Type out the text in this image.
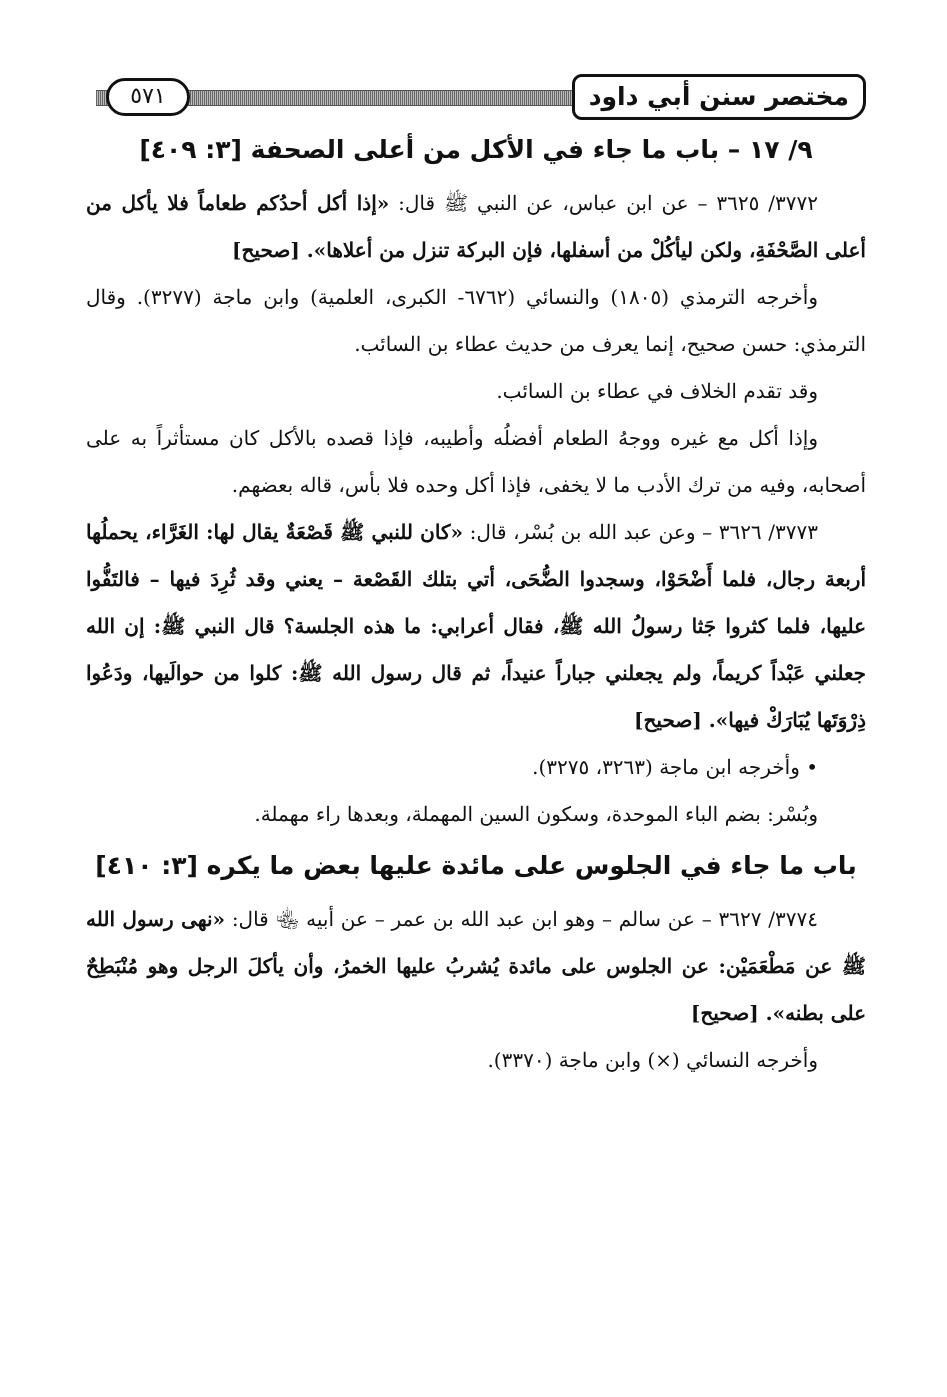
مختصر سنن أبي داود
٥٧١
٩/ ١٧ – باب ما جاء في الأكل من أعلى الصحفة [٣: ٤٠٩]

٣٧٧٢/ ٣٦٢٥ – عن ابن عباس، عن النبي ﷺ قال: «إذا أكل أحدُكم طعاماً فلا يأكل من أعلى الصَّحْفَةِ، ولكن ليأكُلْ من أسفلها، فإن البركة تنزل من أعلاها». [صحيح]

وأخرجه الترمذي (١٨٠٥) والنسائي (٦٧٦٢- الكبرى، العلمية) وابن ماجة (٣٢٧٧). وقال الترمذي: حسن صحيح، إنما يعرف من حديث عطاء بن السائب.

وقد تقدم الخلاف في عطاء بن السائب.

وإذا أكل مع غيره ووجهُ الطعام أفضلُه وأطيبه، فإذا قصده بالأكل كان مستأثراً به على أصحابه، وفيه من ترك الأدب ما لا يخفى، فإذا أكل وحده فلا بأس، قاله بعضهم.

٣٧٧٣/ ٣٦٢٦ – وعن عبد الله بن بُسْر، قال: «كان للنبي ﷺ قَصْعَةٌ يقال لها: الغَرَّاء، يحملُها أربعة رجال، فلما أَضْحَوْا، وسجدوا الضُّحَى، أتي بتلك القَصْعة – يعني وقد ثُرِدَ فيها – فالتَفُّوا عليها، فلما كثروا جَثا رسولُ الله ﷺ، فقال أعرابي: ما هذه الجلسة؟ قال النبي ﷺ: إن الله جعلني عَبْداً كريماً، ولم يجعلني جباراً عنيداً، ثم قال رسول الله ﷺ: كلوا من حوالَيها، ودَعُوا ذِرْوَتَها يُبَارَكْ فيها». [صحيح]

• وأخرجه ابن ماجة (٣٢٦٣، ٣٢٧٥).

وبُسْر: بضم الباء الموحدة، وسكون السين المهملة، وبعدها راء مهملة.

باب ما جاء في الجلوس على مائدة عليها بعض ما يكره [٣: ٤١٠]

٣٧٧٤/ ٣٦٢٧ – عن سالم – وهو ابن عبد الله بن عمر – عن أبيه ﵄ قال: «نهى رسول الله ﷺ عن مَطْعَمَيْن: عن الجلوس على مائدة يُشربُ عليها الخمرُ، وأن يأكلَ الرجل وهو مُنْبَطِحٌ على بطنه». [صحيح]

وأخرجه النسائي (×) وابن ماجة (٣٣٧٠).
